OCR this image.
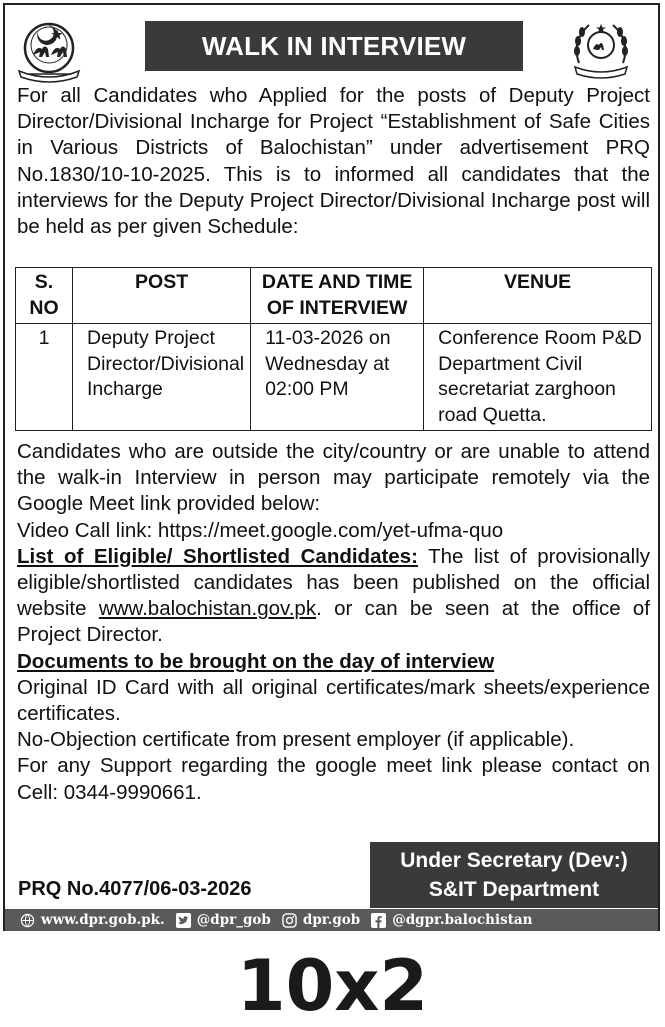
WALK IN INTERVIEW
For all Candidates who Applied for the posts of Deputy Project Director/Divisional Incharge for Project “Establishment of Safe Cities in Various Districts of Balochistan” under advertisement PRQ No.1830/10-10-2025. This is to informed all candidates that the interviews for the Deputy Project Director/Divisional Incharge post will be held as per given Schedule:
S. NO	POST	DATE AND TIME OF INTERVIEW	VENUE
1	Deputy Project Director/Divisional Incharge	11-03-2026 on Wednesday at 02:00 PM	Conference Room P&D Department Civil secretariat zarghoon road Quetta.
Candidates who are outside the city/country or are unable to attend the walk-in Interview in person may participate remotely via the Google Meet link provided below:
Video Call link: https://meet.google.com/yet-ufma-quo
List of Eligible/ Shortlisted Candidates: The list of provisionally eligible/shortlisted candidates has been published on the official website www.balochistan.gov.pk. or can be seen at the office of Project Director.
Documents to be brought on the day of interview
Original ID Card with all original certificates/mark sheets/experience certificates.
No-Objection certificate from present employer (if applicable).
For any Support regarding the google meet link please contact on Cell: 0344-9990661.
Under Secretary (Dev:)
S&IT Department
PRQ No.4077/06-03-2026
www.dpr.gob.pk. @dpr_gob dpr.gob @dgpr.balochistan
10x2
